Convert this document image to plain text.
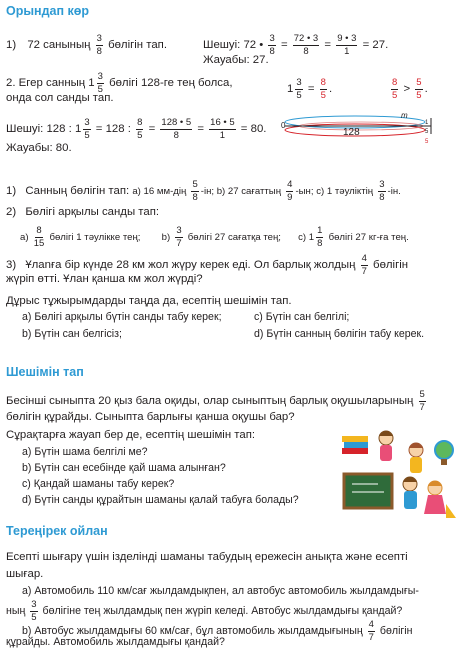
Орындап көр
1) 72 санының $\frac{3}{8}$ бөлігін тап.	Шешуі: 72 • $\frac{3}{8} = \frac{72 • 3}{8} = \frac{9 • 3}{1} = 27$.
Жауабы: 27.
2. Егер санның $1 \frac{3}{5}$ бөлігі 128-ге тең болса,
онда сол санды тап.
$1 \frac{3}{5} = \frac{8}{5}$ .	$\frac{8}{5} > \frac{5}{5}$ .
Шешуі: 128 : $1 \frac{3}{5} = 128$ : $\frac{8}{5} = \frac{128 • 5}{8} = \frac{16 • 5}{1} = 80$.
Жауабы: 80.
0
m
128
1
5
5
1) Санның бөлігін тап: а) 16 $мм-дің \frac{5}{8} -ін$; b) 27 сағаттың $\frac{4}{9} -ын$; c) 1 тәуліктің $\frac{3}{8} -ін$.
2) Бөлігі арқылы санды тап:
$а) \frac{8}{15}$ бөлігі 1 тәулікке тең; $b) \frac{3}{7}$ бөлігі 27 сағатқа тең; c) $1 \frac{1}{8}$ бөлігі 27 кг-ға тең.
3) Ұлanға бір күнде 28 км жол жүру керек еді. Ол барлық жолдың $\frac{4}{7}$ бөлігін
жүріп өтті. Ұлан қанша км жол жүрді?
Дұрыс тұжырымдарды таңда да, есептің шешімін тап.
а) Бөлігі арқылы бүтін санды табу керек;	c) Бүтін сан белгілі;
b) Бүтін сан белгісіз;	d) Бүтін санның бөлігін табу керек.
Шешімін тап
Бесінші сыныпта 20 қыз бала оқиды, олар сыныптың барлық оқушыларының $\frac{5}{7}$
бөлігін құрайды. Сыныпта барлығы қанша оқушы бар?
Сұрақтарға жауап бер де, есептің шешімін тап:
а) Бүтін шама белгілі ме?
b) Бүтін сан есебінде қай шама алынған?
c) Қандай шаманы табу керек?
d) Бүтін санды құрайтын шаманы қалай табуға болады?
Тереңірек ойлан
Есепті шығару үшін ізделінді шаманы табудың ережесін анықта және есепті
шығар.
a) Автомобиль 110 км/сағ жылдамдықпен, ал автобус автомобиль жылдамдығы-
ның $\frac{3}{5}$ бөлігіне тең жылдамдық пен жүріп келеді. Автобус жылдамдығы қандай?
b) Автобус жылдамдығы 60 км/сағ, бұл автомобиль жылдамдығының $\frac{4}{7}$ бөлігін
құрайды. Автомобиль жылдамдығы қандай?
